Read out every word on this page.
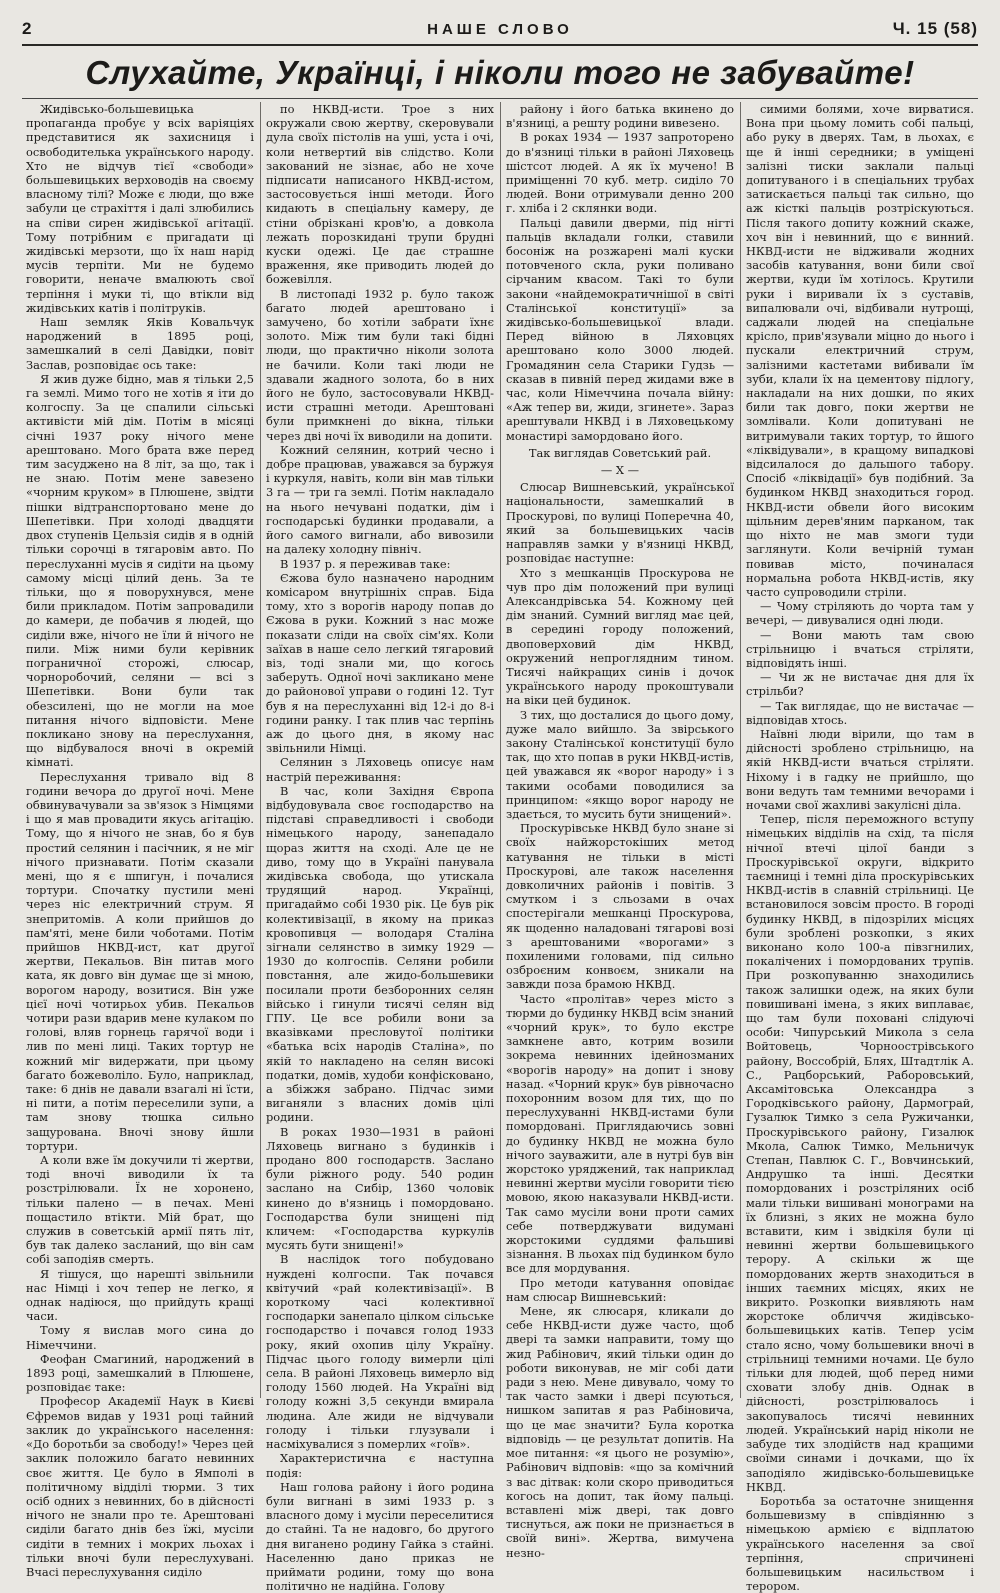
2	НАШЕ СЛОВО	Ч. 15 (58)
Слухайте, Українці, і ніколи того не забувайте!

Жидівсько-большевицька пропаганда пробує у всіх варіяціях представитися як захисниця і освободителька українського народу. Хто не відчув тієї «свободи» большевицьких верховодів на своєму власному тілі? Може є люди, що вже забули це страхіття і далі злюбились на співи сирен жидівської агітації. Тому потрібним є пригадати ці жидівські мерзоти, що їх наш нарід мусів терпіти. Ми не будемо говорити, неначе вмалюють свої терпіння і муки ті, що втікли від жидівських катів і політруків.

Наш земляк Яків Ковальчук народжений в 1895 році, замешкалий в селі Давідки, повіт Заслав, розповідає ось таке:

Я жив дуже бідно, мав я тільки 2,5 га землі. Мимо того не хотів я іти до колгоспу. За це спалили сільські активісти мій дім. Потім в місяці січні 1937 року нічого мене арештовано. Мого брата вже перед тим засуджено на 8 літ, за що, так і не знаю. Потім мене завезено «чорним круком» в Плюшене, звідти пішки відтранспортовано мене до Шепетівки. При холоді двадцяти двох ступенів Цельзія сидів я в одній тільки сорочці в тягаровім авто. По переслуханні мусів я сидіти на цьому самому місці цілий день. За те тільки, що я поворухнувся, мене били прикладом. Потім запровадили до камери, де побачив я людей, що сиділи вже, нічого не їли й нічого не пили. Між ними були керівник пограничної сторожі, слюсар, чорноробочий, селяни — всі з Шепетівки. Вони були так обезсилені, що не могли на мое питання нічого відповісти. Мене покликано знову на переслухання, що відбувалося вночі в окремій кімнаті.

Переслухання тривало від 8 години вечора до другої ночі. Мене обвинувачували за зв'язок з Німцями і що я мав провадити якусь агітацію. Тому, що я нічого не знав, бо я був простий селянин і пасічник, я не міг нічого признавати. Потім сказали мені, що я є шпигун, і почалися тортури. Спочатку пустили мені через ніс електричний струм. Я знепритомів. А коли прийшов до пам'яті, мене били чоботами. Потім прийшов НКВД-ист, кат другої жертви, Пекальов. Він питав мого ката, як довго він думає ще зі мною, ворогом народу, возитися. Він уже цієї ночі чотирьох убив. Пекальов чотири рази вдарив мене кулаком по голові, вляв горнець гарячої води і лив по мені лиці. Таких тортур не кожний міг видержати, при цьому багато божеволіло. Було, наприклад, таке: 6 днів не давали взагалі ні їсти, ні пити, а потім переселили зупи, а там знову тюшка сильно защурована. Вночі знову йшли тортури.

А коли вже їм докучили ті жертви, тоді вночі виводили їх та розстрілювали. Їх не хоронено, тільки палено — в печах. Мені пощастило втікти. Мій брат, що служив в советській армії пять літ, був так далеко засланий, що він сам собі заподіяв смерть.

Я тішуся, що нарешті звільнили нас Німці і хоч тепер не легко, я однак надіюся, що прийдуть кращі часи.

Тому я вислав мого сина до Німеччини.

Феофан Смагиний, народжений в 1893 році, замешкалий в Плюшене, розповідає таке:

Професор Академії Наук в Києві Єфремов видав у 1931 році тайний заклик до українського населення: «До боротьби за свободу!» Через цей заклик положило багато невинних своє життя. Це було в Ямполі в політичному відділі тюрми. З тих осіб одних з невинних, бо в дійсності нічого не знали про те. Арештовані сиділи багато днів без їжі, мусіли сидіти в темних і мокрих льохах і тільки вночі були переслухувані. Вчасі переслухування сиділо

по НКВД-исти. Трое з них окружали свою жертву, скеровували дула своїх пістолів на уші, уста і очі, коли нетвертий вів слідство. Коли закований не зізнає, або не хоче підписати написаного НКВД-истом, застосовується інші методи. Його кидають в спеціальну камеру, де стіни обрізкані кров'ю, а довкола лежать порозкидані трупи брудні куски одежі. Це дає страшне враження, яке приводить людей до божевілля.

В листопаді 1932 р. було також багато людей арештовано і замучено, бо хотіли забрати їхнє золото. Між тим були такі бідні люди, що практично ніколи золота не бачили. Коли такі люди не здавали жадного золота, бо в них його не було, застосовували НКВД-исти страшні методи. Арештовані були примкнені до вікна, тільки через дві ночі їх виводили на допити.

Кожний селянин, котрий чесно і добре працював, уважався за буржуя і куркуля, навіть, коли він мав тільки 3 га — три га землі. Потім накладало на нього нечувані податки, дім і господарські будинки продавали, а його самого вигнали, або вивозили на далеку холодну північ.

В 1937 р. я переживав таке:

Єжова було назначено народним комісаром внутрішніх справ. Біда тому, хто з ворогів народу попав до Єжова в руки. Кожний з нас може показати сліди на своїх сім'ях. Коли заїхав в наше село легкий тягаровий віз, тоді знали ми, що когось заберуть. Одної ночі закликано мене до районової управи о годині 12. Тут був я на переслуханні від 12-і до 8-і години ранку. І так плив час терпінь аж до цього дня, в якому нас звільнили Німці.

Селянин з Ляховець описує нам настрій переживання:

В час, коли Західня Європа відбудовувала своє господарство на підставі справедливості і свободи німецького народу, занепадало щораз життя на сході. Але це не диво, тому що в Україні панувала жидівська свобода, що утискала трудящий народ. Українці, пригадаймо собі 1930 рік. Це був рік колективізації, в якому на приказ кровопивця — володаря Сталіна зігнали селянство в зимку 1929 — 1930 до колгоспів. Селяни робили повстання, але жидо-большевики посилали проти безборонних селян військо і гинули тисячі селян від ГПУ. Це все робили вони за вказівками пресловутої політики «батька всіх народів Сталіна», по якій то накладено на селян високі податки, домів, худоби конфісковано, а збіжжя забрано. Підчас зими виганяли з власних домів цілі родини.

В роках 1930—1931 в районі Ляховець вигнано з будинків і продано 800 господарств. Заслано були ріжного роду. 540 родин заслано на Сибір, 1360 чоловік кинено до в'язниць і помордовано. Господарства були знищені під кличем: «Господарства куркулів мусять бути знищені!»

В наслідок того побудовано нуждені колгоспи. Так почався квітучий «рай колективізації». В короткому часі колективної господарки занепало цілком сільське господарство і почався голод 1933 року, який охопив цілу Україну. Підчас цього голоду вимерли цілі села. В районі Ляховець вимерло від голоду 1560 людей. На Україні від голоду кожні 3,5 секунди вмирала людина. Але жиди не відчували голоду і тільки глузували і насміхувалися з померлих «гоїв».

Характеристична є наступна подія:

Наш голова району і його родина були вигнані в зимі 1933 р. з власного дому і мусіли переселитися до стайні. Та не надовго, бо другого дня виганено родину Гайка з стайні. Населенню дано приказ не приймати родини, тому що вона політично не надійна. Голову

району і його батька вкинено до в'язниці, а решту родини вивезено.

В роках 1934 — 1937 запроторено до в'язниці тільки в районі Ляховець шістсот людей. А як їх мучено! В приміщенні 70 куб. метр. сиділо 70 людей. Вони отримували денно 200 г. хліба і 2 склянки води.

Пальці давили дверми, під нігті пальців вкладали голки, ставили босоніж на розжарені малі куски потовченого скла, руки поливано сірчаним квасом. Такі то були закони «найдемократичнішої в світі Сталінської конституції» за жидівсько-большевицької влади. Перед війною в Ляховцях арештовано коло 3000 людей. Громадянин села Старики Гудзь — сказав в пивній перед жидами вже в час, коли Німеччина почала війну: «Аж тепер ви, жиди, згинете». Зараз арештували НКВД і в Ляховецькому монастирі замордовано його.

Так виглядав Советський рай.

— X —

Слюсар Вишневський, української національности, замешкалий в Проскурові, по вулиці Поперечна 40, який за большевицьких часів направляв замки у в'язниці НКВД, розповідає наступне:

Хто з мешканців Проскурова не чув про дім положений при вулиці Александрівська 54. Кожному цей дім знаний. Сумний вигляд має цей, в середині городу положений, двоповерховий дім НКВД, окружений непроглядним тином. Тисячі найкращих синів і дочок українського народу прокоштували на віки цей будинок.

З тих, що досталися до цього дому, дуже мало вийшло. За звірського закону Сталінської конституції було так, що хто попав в руки НКВД-истів, цей уважався як «ворог народу» і з такими особами поводилися за принципом: «якщо ворог народу не здається, то мусить бути знищений».

Проскурівське НКВД було знане зі своїх найжорстокіших метод катування не тільки в місті Проскурові, але також населення довколичних районів і повітів. З смутком і з сльозами в очах спостерігали мешканці Проскурова, як щоденно наладовані тягарові возі з арештованими «ворогами» з похиленими головами, під сильно озброєним конвоєм, зникали на завжди поза брамою НКВД.

Часто «пролітав» через місто з тюрми до будинку НКВД всім знаний «чорний крук», то було екстре замкнене авто, котрим возили зокрема невинних ідейнозманих «ворогів народу» на допит і знову назад. «Чорний крук» був рівночасно похоронним возом для тих, що по переслухуванні НКВД-истами були помордовані. Приглядаючись зовні до будинку НКВД не можна було нічого зауважити, але в нутрі був він жорстоко уряджений, так наприклад невинні жертви мусіли говорити тією мовою, якою наказували НКВД-исти. Так само мусіли вони проти самих себе потверджувати видумані жорстокими суддями фальшиві зізнання. В льохах під будинком було все для мордування.

Про методи катування оповідає нам слюсар Вишневський:

Мене, як слюсаря, кликали до себе НКВД-исти дуже часто, щоб двері та замки направити, тому що жид Рабінович, який тільки один до роботи виконував, не міг собі дати ради з нею. Мене дивувало, чому то так часто замки і двері псуються, нишком запитав я раз Рабіновича, що це має значити? Була коротка відповідь — це результат допитів. На мое питання: «я цього не розумію», Рабінович відповів: «що за комічний з вас дітвак: коли скоро приводиться когось на допит, так йому пальці. вставлені між двері, так довго тиснуться, аж поки не признається в своїй вині». Жертва, вимучена незно-

симими болями, хоче вирватися. Вона при цьому ломить собі пальці, або руку в дверях. Там, в льохах, є ще й інші середники; в уміщені залізні тиски заклали пальці допитуваного і в спеціальних трубах затискається пальці так сильно, що аж кісткі пальців розтріскуються. Після такого допиту кожний скаже, хоч він і невинний, що є винний. НКВД-исти не відживали жодних засобів катування, вони били свої жертви, куди їм хотілось. Крутили руки і виривали їх з суставів, випалювали очі, відбивали нутрощі, саджали людей на спеціальне крісло, прив'язували міцно до нього і пускали електричний струм, залізними кастетами вибивали їм зуби, клали їх на цементову підлогу, накладали на них дошки, по яких били так довго, поки жертви не зомлівали. Коли допитувані не витримували таких тортур, то йшого «ліквідували», в кращому випадкові відсилалося до дальшого табору. Спосіб «ліквідації» був подібний. За будинком НКВД знаходиться город. НКВД-исти обвели його високим щільним дерев'яним парканом, так що ніхто не мав змоги туди заглянути. Коли вечірній туман повивав місто, починалася нормальна робота НКВД-истів, яку часто супроводили стріли.

— Чому стріляють до чорта там у вечері, — дивувалися одні люди.

— Вони мають там свою стрільницю і вчаться стріляти, відповідять інші.

— Чи ж не вистачає дня для їх стрільби?

— Так виглядає, що не вистачає — відповідав хтось.

Наївні люди вірили, що там в дійсності зроблено стрільницю, на якій НКВД-исти вчаться стріляти. Ніхому і в гадку не прийшло, що вони ведуть там темними вечорами і ночами свої жахливі закулісні діла.

Тепер, після переможного вступу німецьких відділів на схід, та після нічної втечі цілої банди з Проскурівської округи, відкрито таємниці і темні діла проскурівських НКВД-истів в славній стрільниці. Це встановилося зовсім просто. В городі будинку НКВД, в підозрілих місцях були зроблені розкопки, з яких виконано коло 100-а півзгнилих, покалічених і помордованих трупів. При розкопуванню знаходились також залишки одеж, на яких були повишивані імена, з яких виплаває, що там були поховані слідуючі особи: Чипурський Микола з села Войтовець, Чорноострівського району, Воссобрій, Блях, Штадтлік А. С., Рацборський, Раборовський, Аксамітовська Олександра з Городківського району, Дармограй, Гузалюк Тимко з села Ружичанки, Проскурівського району, Гизалюк Мкола, Салюк Тимко, Мельничук Степан, Павлюк С. Г., Вовчинський, Андрушко та інші. Десятки помордованих і розстріляних осіб мали тільки вишивані монограми на їх близні, з яких не можна було вставити, ким і звідкіля були ці невинні жертви большевицького терору. А скільки ж ще помордованих жертв знаходиться в інших таємних місцях, яких не викрито. Розкопки виявляють нам жорстоке обличчя жидівсько-большевицьких катів. Тепер усім стало ясно, чому большевики вночі в стрільниці темними ночами. Це було тільки для людей, щоб перед ними сховати злобу днів. Однак в дійсності, розстрілювалось і закопувалось тисячі невинних людей. Український нарід ніколи не забуде тих злодійств над кращими своїми синами і дочками, що їх заподіяло жидівсько-большевицьке НКВД.

Боротьба за остаточне знищення большевизму в співдіянню з німецькою армією є відплатою українського населення за свої терпіння, спричинені большевицьким насильством і терором.
